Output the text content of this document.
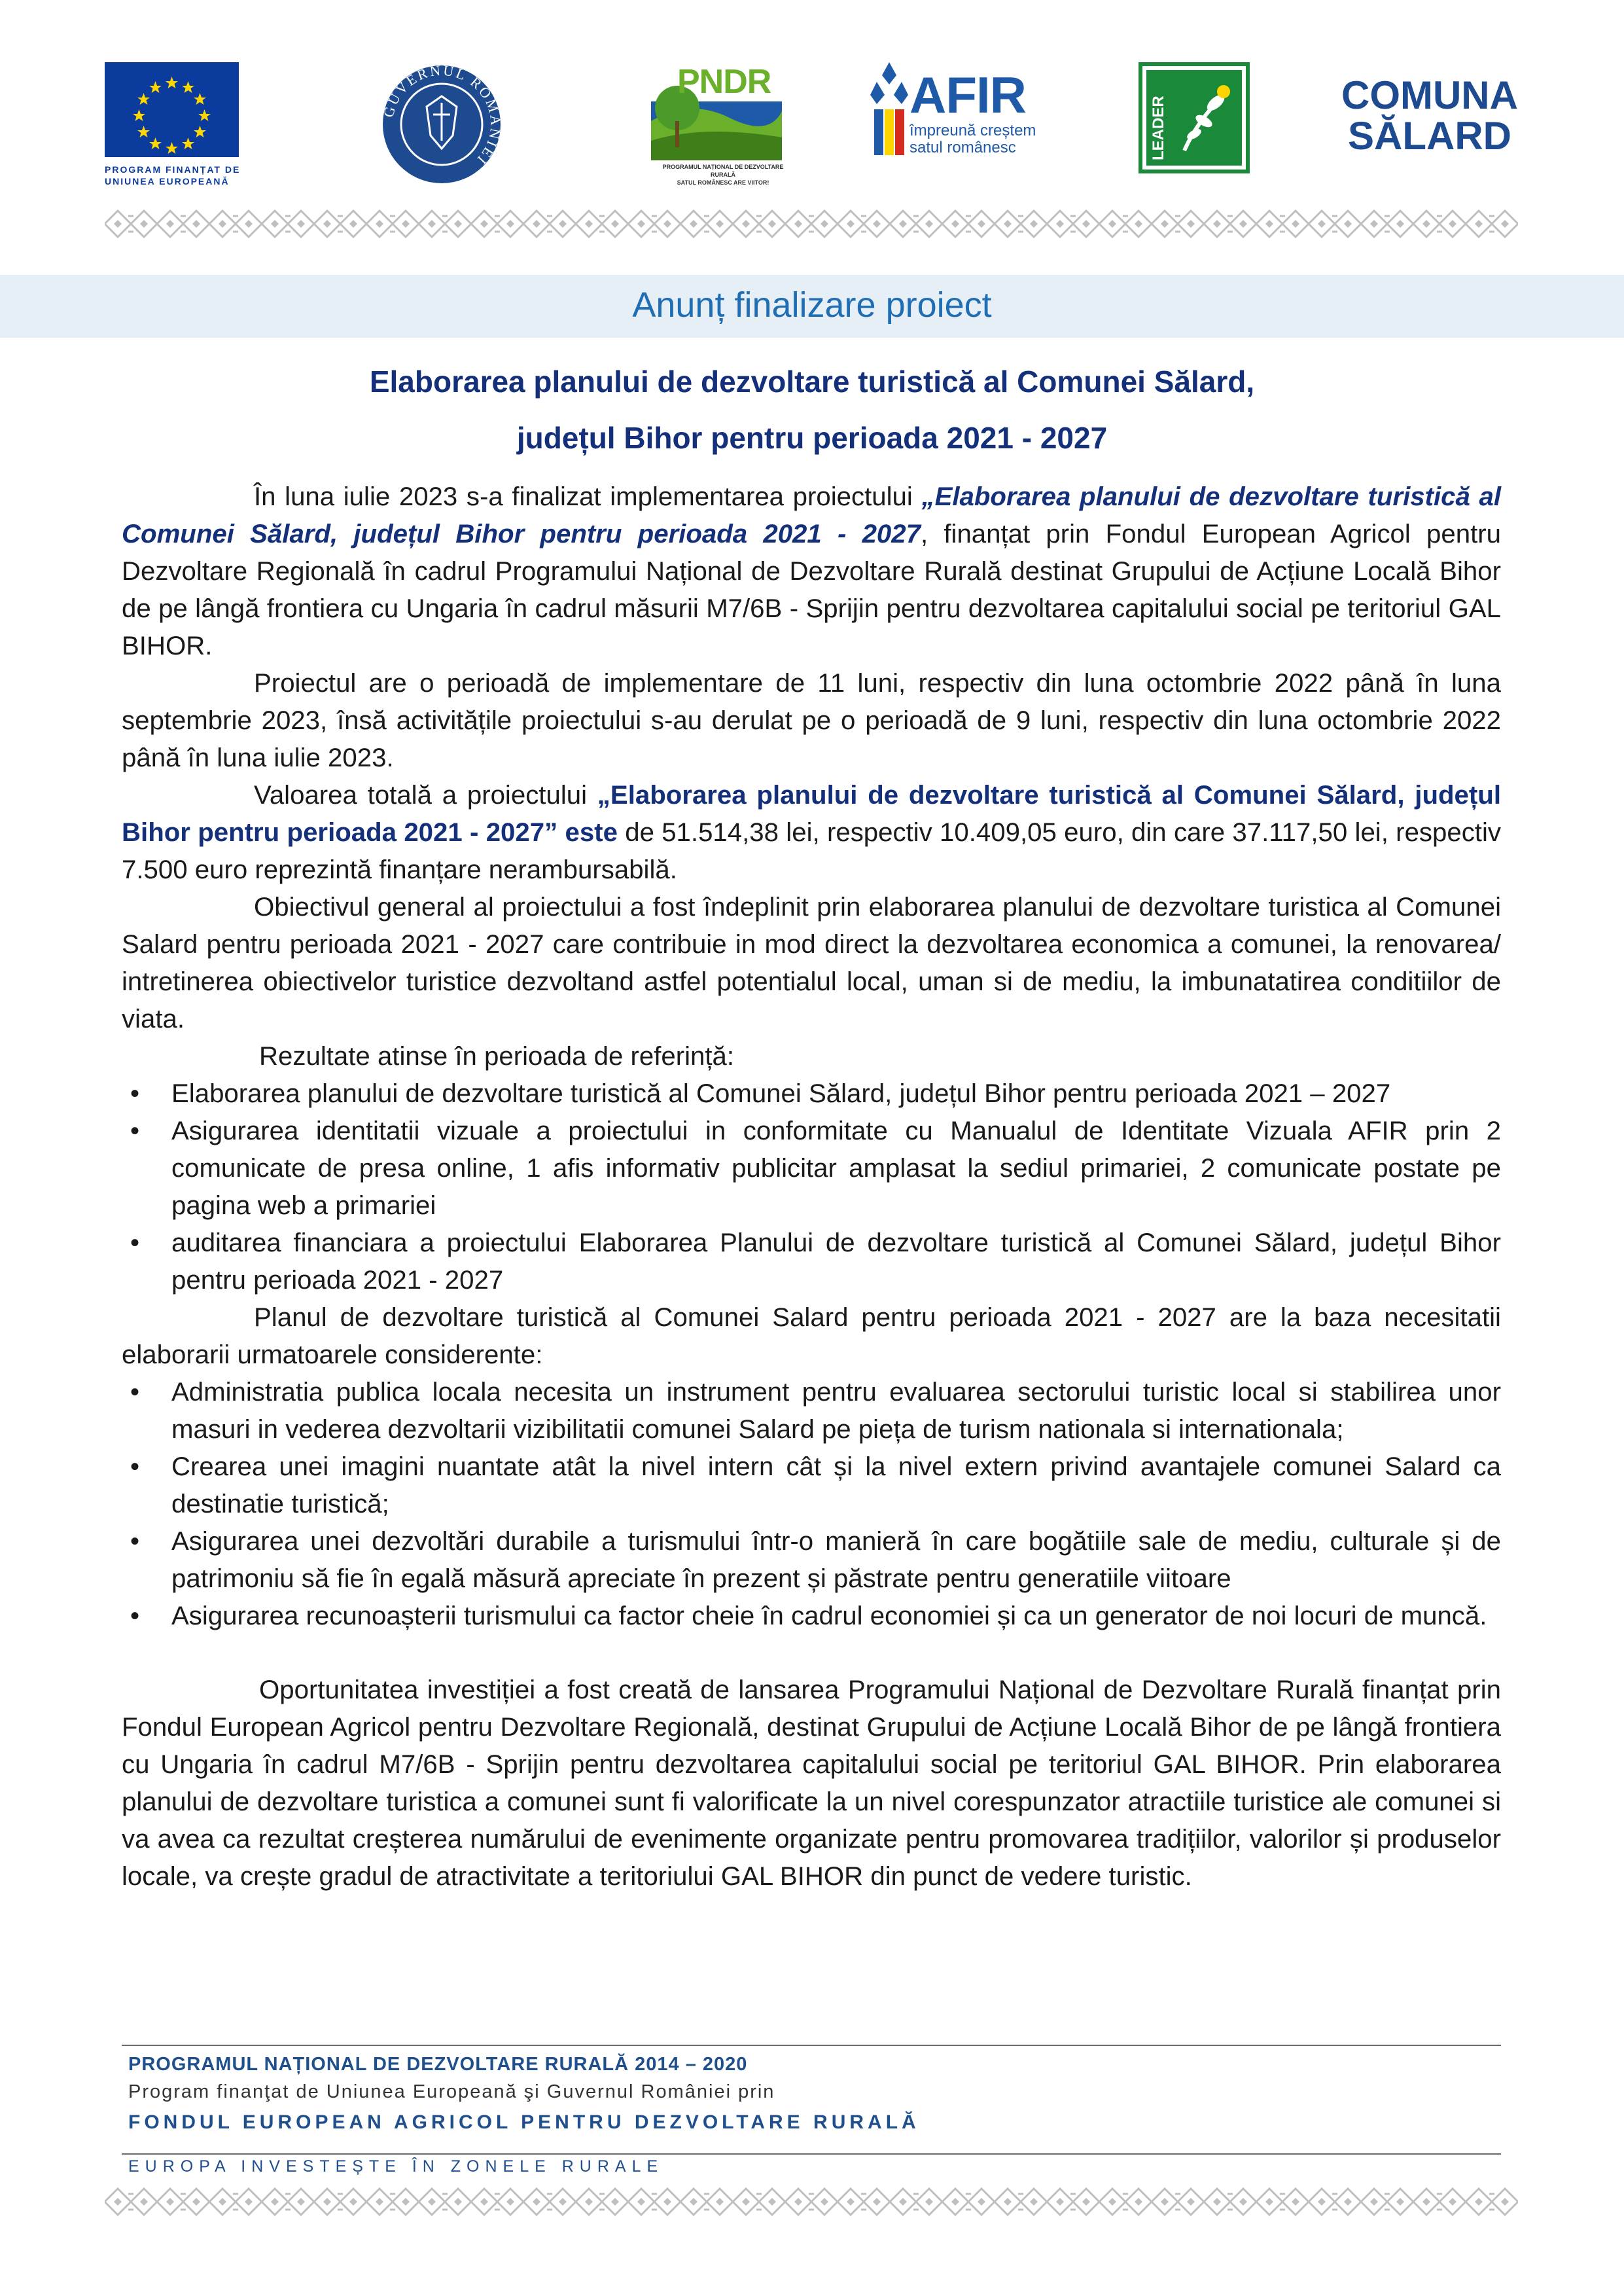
PROGRAM FINANȚAT DE
UNIUNEA EUROPEANĂ
GUVERNUL ROMÂNIEI
PNDR
PROGRAMUL NAȚIONAL DE DEZVOLTARE RURALĂ
SATUL ROMÂNESC ARE VIITOR!
AFIR
împreună creștem
satul românesc	LEADER
COMUNA
SĂLARD
Anunț finalizare proiect
Elaborarea planului de dezvoltare turistică al Comunei Sălard,
județul Bihor pentru perioada 2021 - 2027

În luna iulie 2023 s-a finalizat implementarea proiectului „Elaborarea planului de dezvoltare turistică al Comunei Sălard, județul Bihor pentru perioada 2021 - 2027, finanțat prin Fondul European Agricol pentru Dezvoltare Regională în cadrul Programului Național de Dezvoltare Rurală destinat Grupului de Acțiune Locală Bihor de pe lângă frontiera cu Ungaria în cadrul măsurii M7/6B - Sprijin pentru dezvoltarea capitalului social pe teritoriul GAL BIHOR.

Proiectul are o perioadă de implementare de 11 luni, respectiv din luna octombrie 2022 până în luna septembrie 2023, însă activitățile proiectului s-au derulat pe o perioadă de 9 luni, respectiv din luna octombrie 2022 până în luna iulie 2023.

Valoarea totală a proiectului „Elaborarea planului de dezvoltare turistică al Comunei Sălard, județul Bihor pentru perioada 2021 - 2027” este de 51.514,38 lei, respectiv 10.409,05 euro, din care 37.117,50 lei, respectiv 7.500 euro reprezintă finanțare nerambursabilă.

Obiectivul general al proiectului a fost îndeplinit prin elaborarea planului de dezvoltare turistica al Comunei Salard pentru perioada 2021 - 2027 care contribuie in mod direct la dezvoltarea economica a comunei, la renovarea/ intretinerea obiectivelor turistice dezvoltand astfel potentialul local, uman si de mediu, la imbunatatirea conditiilor de viata.

Rezultate atinse în perioada de referință:

•	Elaborarea planului de dezvoltare turistică al Comunei Sălard, județul Bihor pentru perioada 2021 – 2027
•	Asigurarea identitatii vizuale a proiectului in conformitate cu Manualul de Identitate Vizuala AFIR prin 2 comunicate de presa online, 1 afis informativ publicitar amplasat la sediul primariei, 2 comunicate postate pe pagina web a primariei
•	auditarea financiara a proiectului Elaborarea Planului de dezvoltare turistică al Comunei Sălard, județul Bihor pentru perioada 2021 - 2027

Planul de dezvoltare turistică al Comunei Salard pentru perioada 2021 - 2027 are la baza necesitatii elaborarii urmatoarele considerente:

•	Administratia publica locala necesita un instrument pentru evaluarea sectorului turistic local si stabilirea unor masuri in vederea dezvoltarii vizibilitatii comunei Salard pe pieța de turism nationala si internationala;
•	Crearea unei imagini nuantate atât la nivel intern cât și la nivel extern privind avantajele comunei Salard ca destinatie turistică;
•	Asigurarea unei dezvoltări durabile a turismului într-o manieră în care bogătiile sale de mediu, culturale și de patrimoniu să fie în egală măsură apreciate în prezent și păstrate pentru generatiile viitoare
•	Asigurarea recunoașterii turismului ca factor cheie în cadrul economiei și ca un generator de noi locuri de muncă.

Oportunitatea investiției a fost creată de lansarea Programului Național de Dezvoltare Rurală finanțat prin Fondul European Agricol pentru Dezvoltare Regională, destinat Grupului de Acțiune Locală Bihor de pe lângă frontiera cu Ungaria în cadrul M7/6B - Sprijin pentru dezvoltarea capitalului social pe teritoriul GAL BIHOR. Prin elaborarea planului de dezvoltare turistica a comunei sunt fi valorificate la un nivel corespunzator atractiile turistice ale comunei si va avea ca rezultat creșterea numărului de evenimente organizate pentru promovarea tradițiilor, valorilor și produselor locale, va crește gradul de atractivitate a teritoriului GAL BIHOR din punct de vedere turistic.

PROGRAMUL NAȚIONAL DE DEZVOLTARE RURALĂ 2014 – 2020
Program finanţat de Uniunea Europeană şi Guvernul României prin
FONDUL EUROPEAN AGRICOL PENTRU DEZVOLTARE RURALĂ
EUROPA INVESTEȘTE ÎN ZONELE RURALE
